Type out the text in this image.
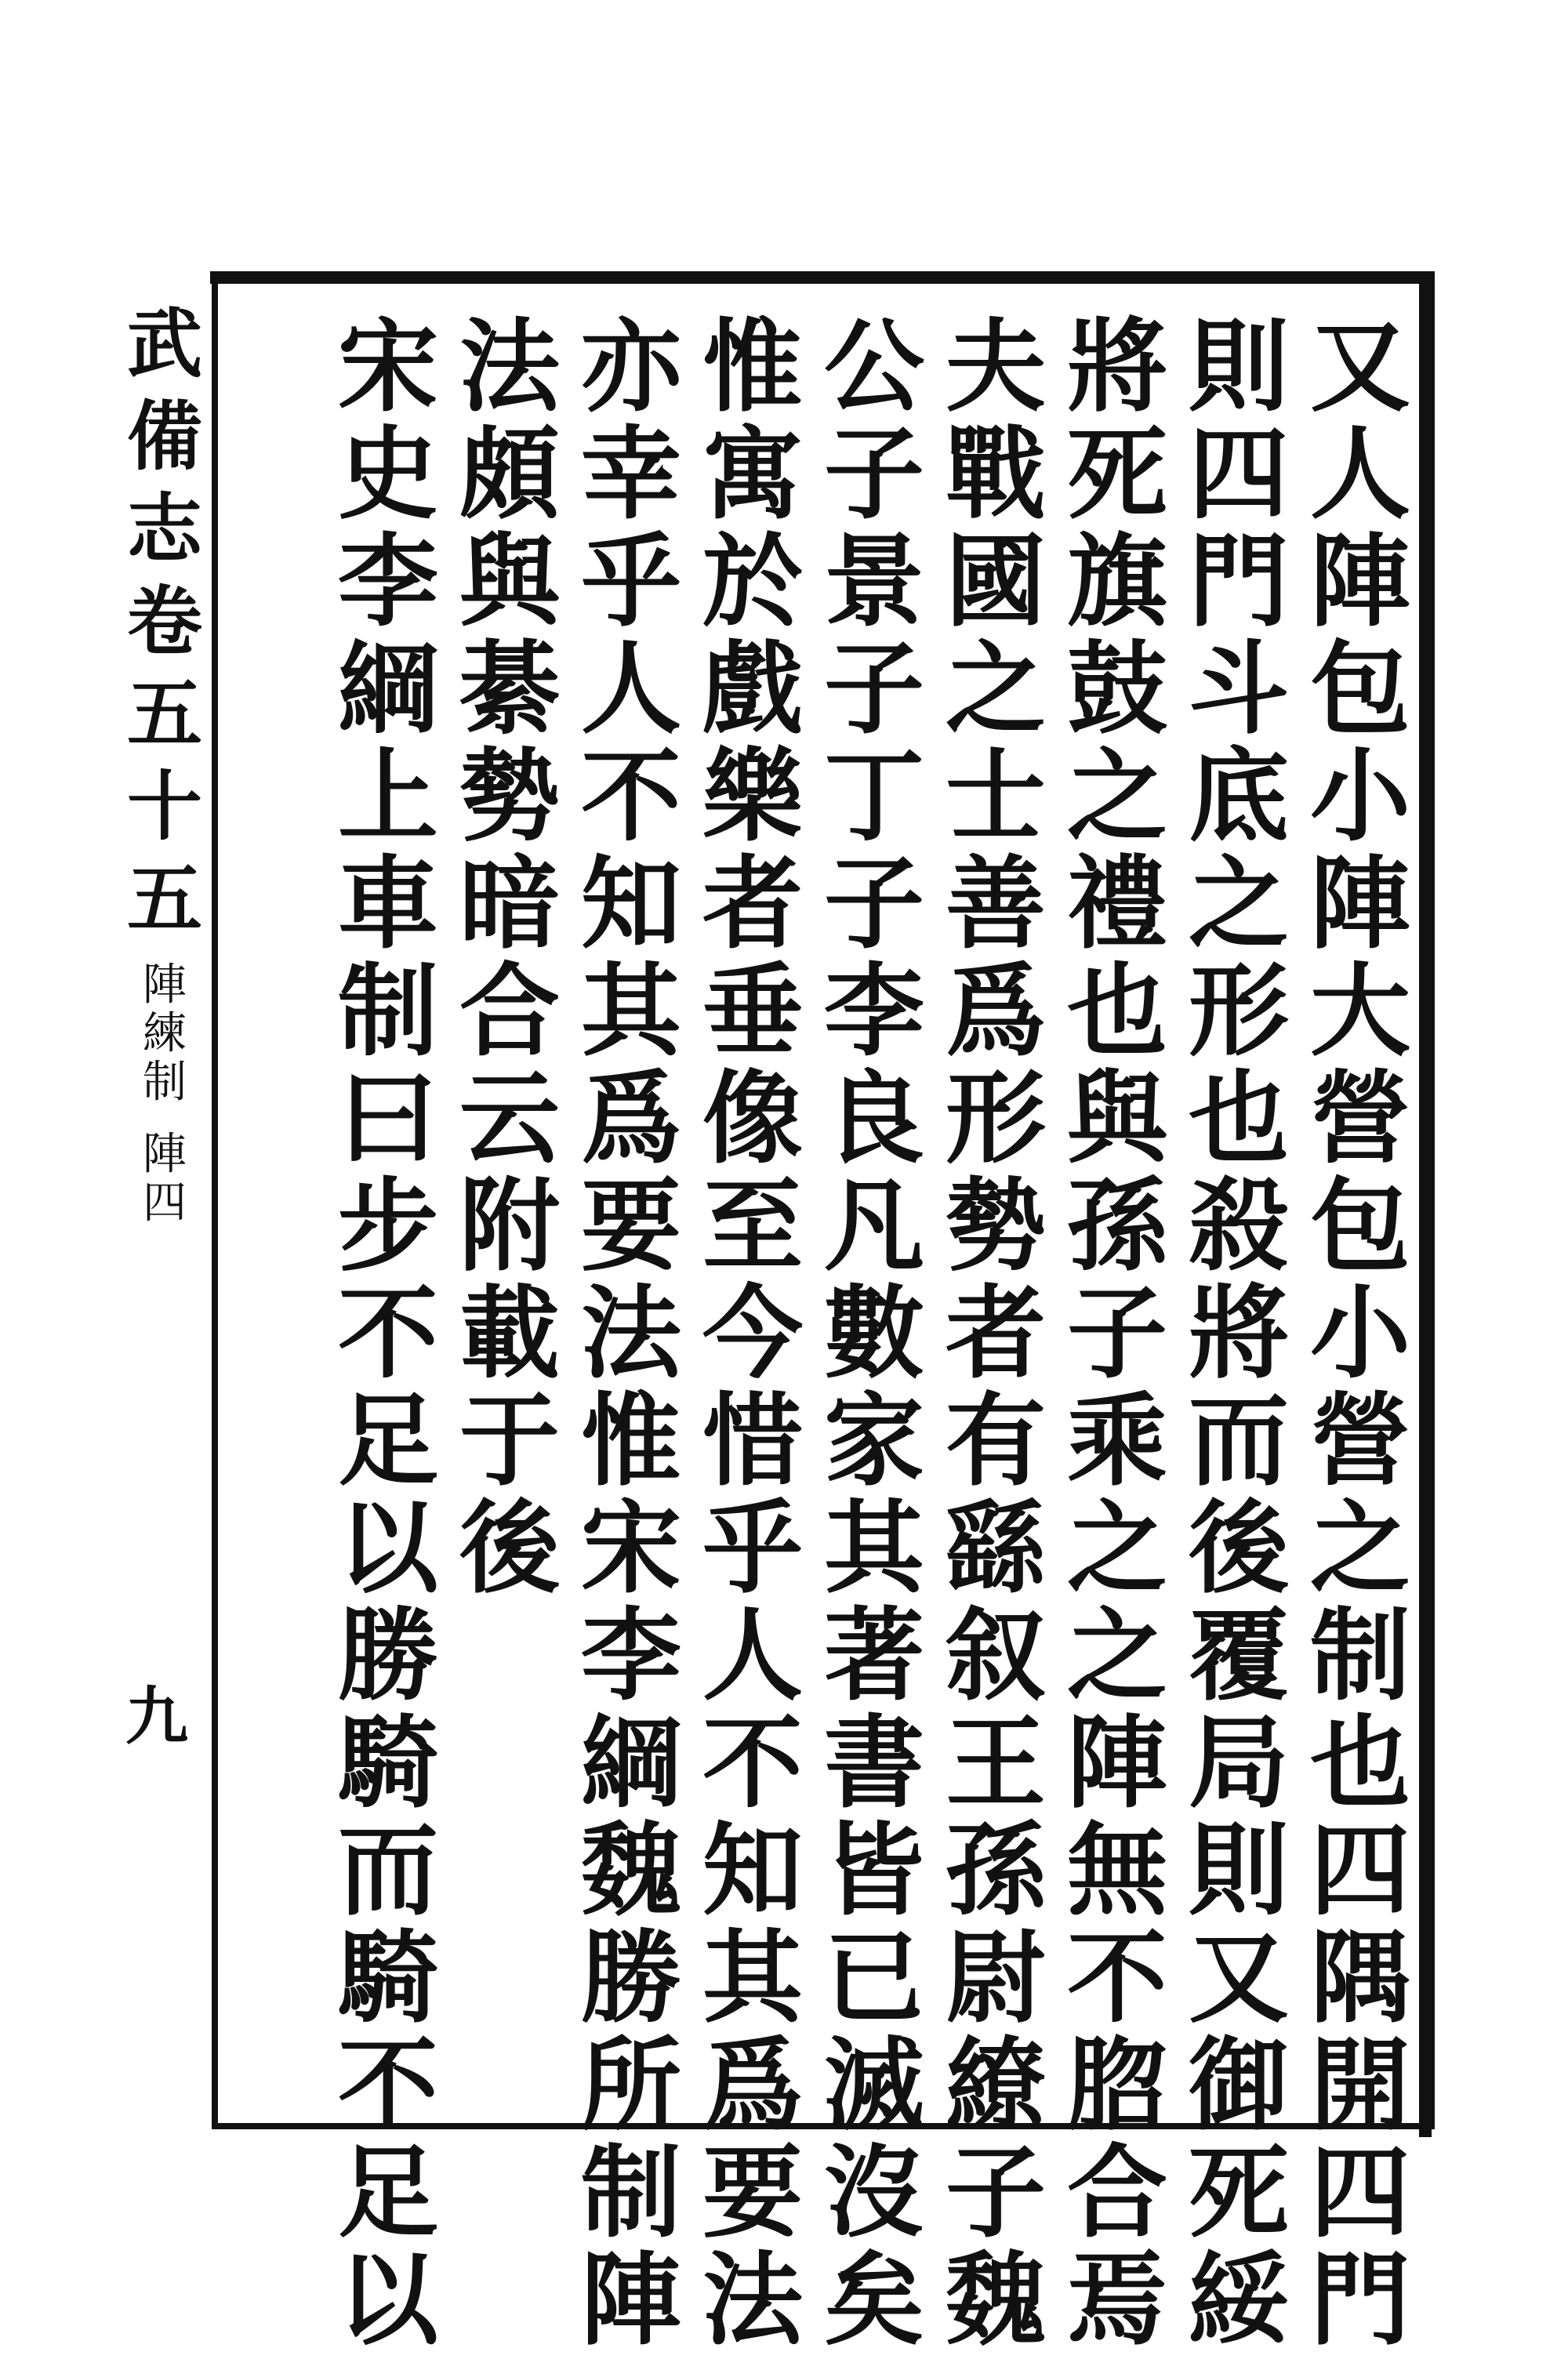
武
備
志
卷
五
十
五
陣
練
制
陣
四
九
又
人
陣
包
小
陣
大
營
包
小
營
之
制
也
四
隅
開
四
門
則
四
門
斗
底
之
形
也
殺
將
而
後
覆
局
則
又
御
死
綏
將
死
旗
鼓
之
禮
也
與
孫
子
乘
之
之
陣
無
不
脗
合
焉
夫
戰
國
之
士
善
爲
形
勢
者
有
繇
叙
王
孫
尉
繚
子
魏
公
子
景
子
丁
子
李
良
凡
數
家
其
著
書
皆
已
滅
沒
矣
惟
寓
於
戲
樂
者
垂
像
至
今
惜
乎
人
不
知
其
爲
要
法
亦
幸
乎
人
不
知
其
爲
要
法
惟
宋
李
綱
魏
勝
所
制
陣
法
頗
與
綦
勢
暗
合
云
附
載
于
後
宋
史
李
綱
上
車
制
曰
步
不
足
以
勝
騎
而
騎
不
足
以
